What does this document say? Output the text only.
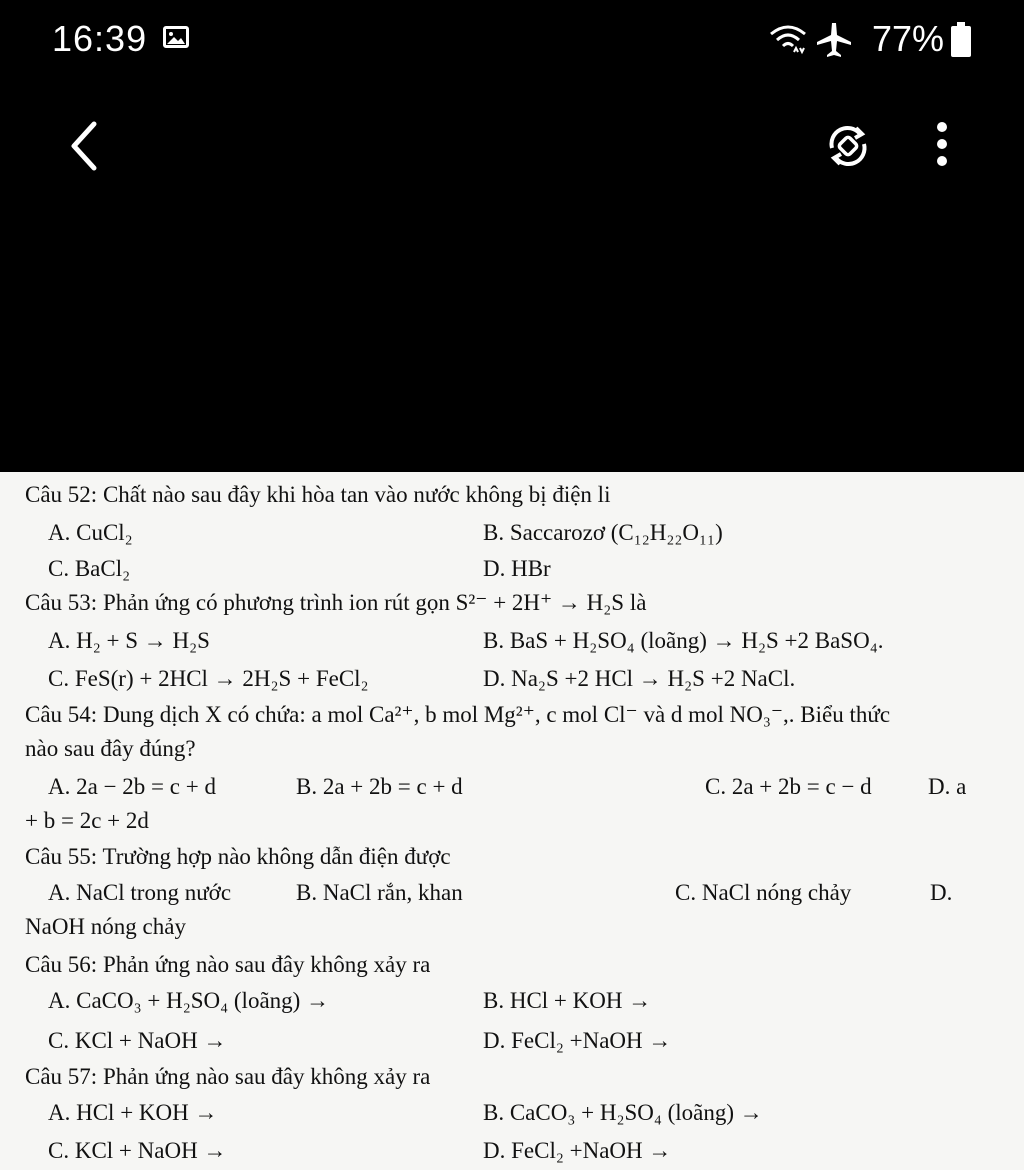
16:39	77%
Câu 52: Chất nào sau đây khi hòa tan vào nước không bị điện li
A. CuCl₂	B. Saccarozơ (C₁₂H₂₂O₁₁)
C. BaCl₂	D. HBr
Câu 53: Phản ứng có phương trình ion rút gọn S²⁻ + 2H⁺ → H₂S là
A. H₂ + S → H₂S	B. BaS + H₂SO₄ (loãng) → H₂S +2 BaSO₄.
C. FeS(r) + 2HCl → 2H₂S + FeCl₂	D. Na₂S +2 HCl → H₂S +2 NaCl.
Câu 54: Dung dịch X có chứa: a mol Ca²⁺, b mol Mg²⁺, c mol Cl⁻ và d mol NO₃⁻,. Biểu thức
nào sau đây đúng?
A. 2a − 2b = c + d	B. 2a + 2b = c + d	C. 2a + 2b = c − d D. a
+ b = 2c + 2d
Câu 55: Trường hợp nào không dẫn điện được
A. NaCl trong nước	B. NaCl rắn, khan	C. NaCl nóng chảy	D.
NaOH nóng chảy
Câu 56: Phản ứng nào sau đây không xảy ra
A. CaCO₃ + H₂SO₄ (loãng) →	B. HCl + KOH →
C. KCl + NaOH →	D. FeCl₂ +NaOH →
Câu 57: Phản ứng nào sau đây không xảy ra
A. HCl + KOH →	B. CaCO₃ + H₂SO₄ (loãng) →
C. KCl + NaOH →	D. FeCl₂ +NaOH →
